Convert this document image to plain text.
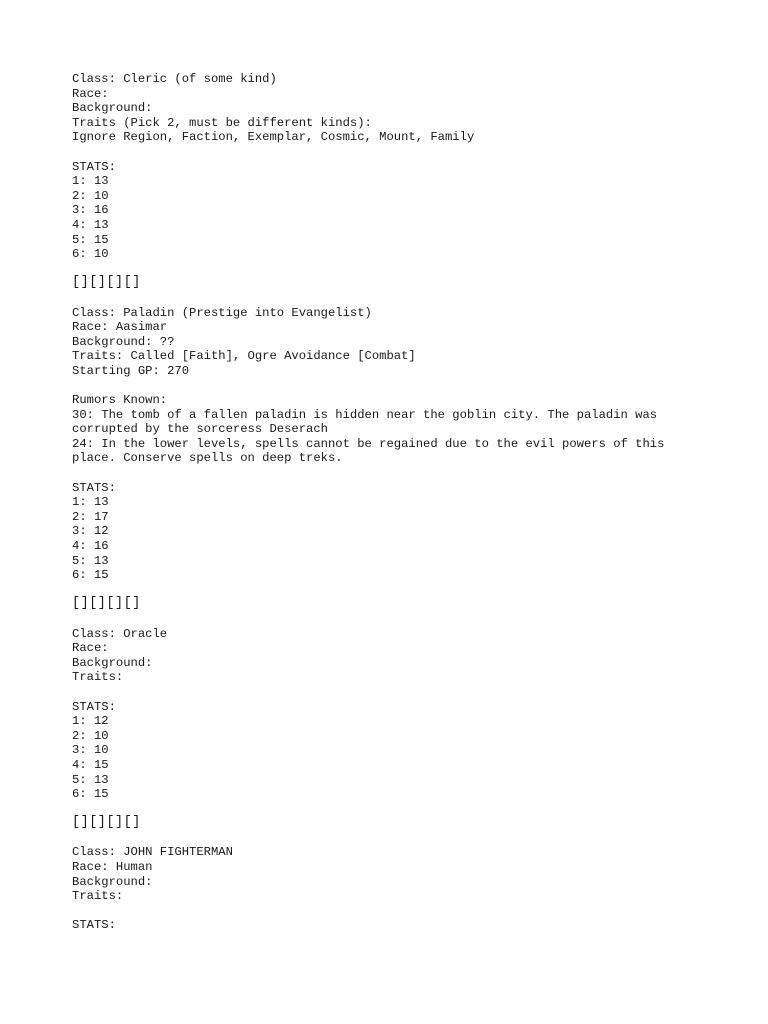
Class: Cleric (of some kind)
Race:
Background:
Traits (Pick 2, must be different kinds):
Ignore Region, Faction, Exemplar, Cosmic, Mount, Family
STATS:
1: 13
2: 10
3: 16
4: 13
5: 15
6: 10
[][][][]
Class: Paladin (Prestige into Evangelist)
Race: Aasimar
Background: ??
Traits: Called [Faith], Ogre Avoidance [Combat]
Starting GP: 270
Rumors Known:
30: The tomb of a fallen paladin is hidden near the goblin city. The paladin was
corrupted by the sorceress Deserach
24: In the lower levels, spells cannot be regained due to the evil powers of this
place. Conserve spells on deep treks.
STATS:
1: 13
2: 17
3: 12
4: 16
5: 13
6: 15
[][][][]
Class: Oracle
Race:
Background:
Traits:
STATS:
1: 12
2: 10
3: 10
4: 15
5: 13
6: 15
[][][][]
Class: JOHN FIGHTERMAN
Race: Human
Background:
Traits:
STATS:
